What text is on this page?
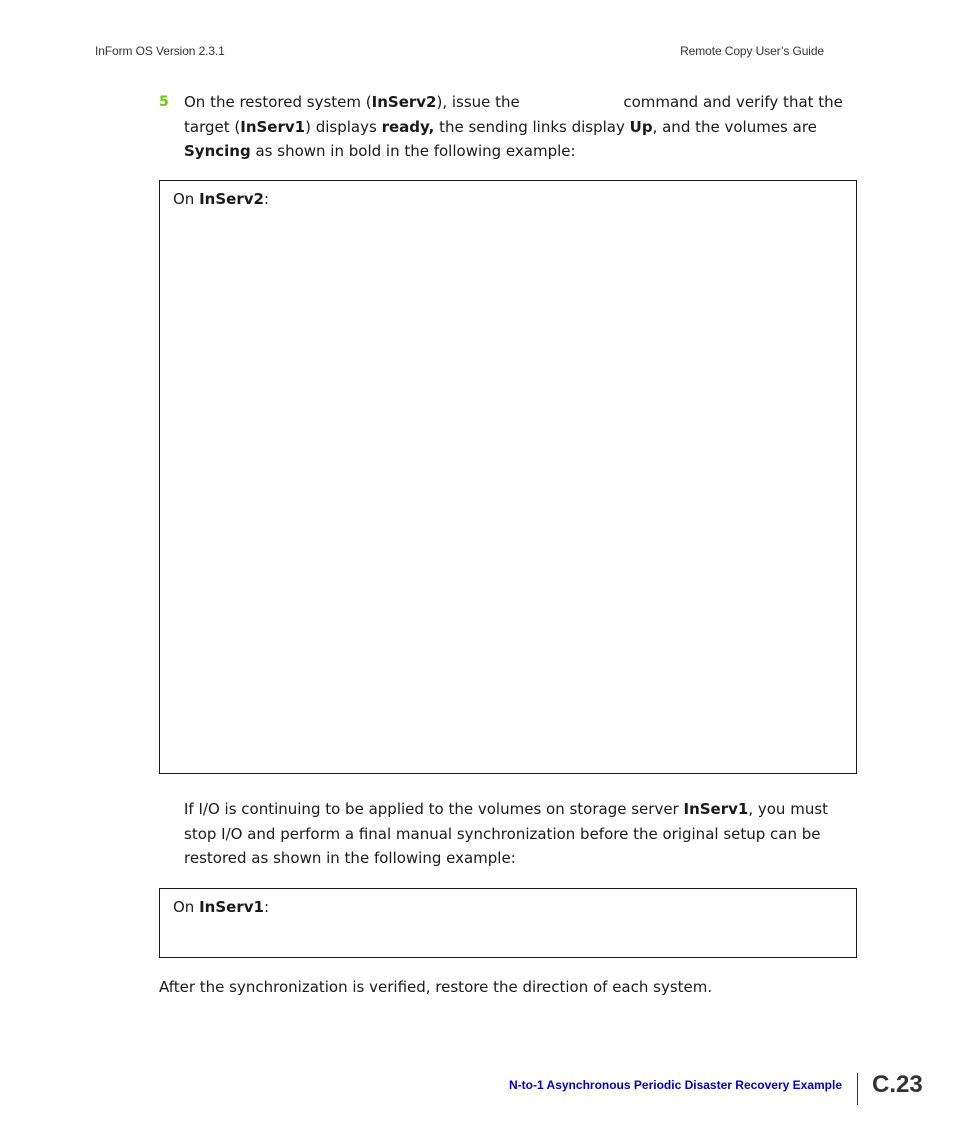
InForm OS Version 2.3.1	Remote Copy User’s Guide
5 On the restored system (InServ2), issue the	command and verify that the target (InServ1) displays ready, the sending links display Up, and the volumes are Syncing as shown in bold in the following example:
On InServ2:
If I/O is continuing to be applied to the volumes on storage server InServ1, you must stop I/O and perform a final manual synchronization before the original setup can be restored as shown in the following example:
On InServ1:
After the synchronization is verified, restore the direction of each system.
N-to-1 Asynchronous Periodic Disaster Recovery Example C.23
